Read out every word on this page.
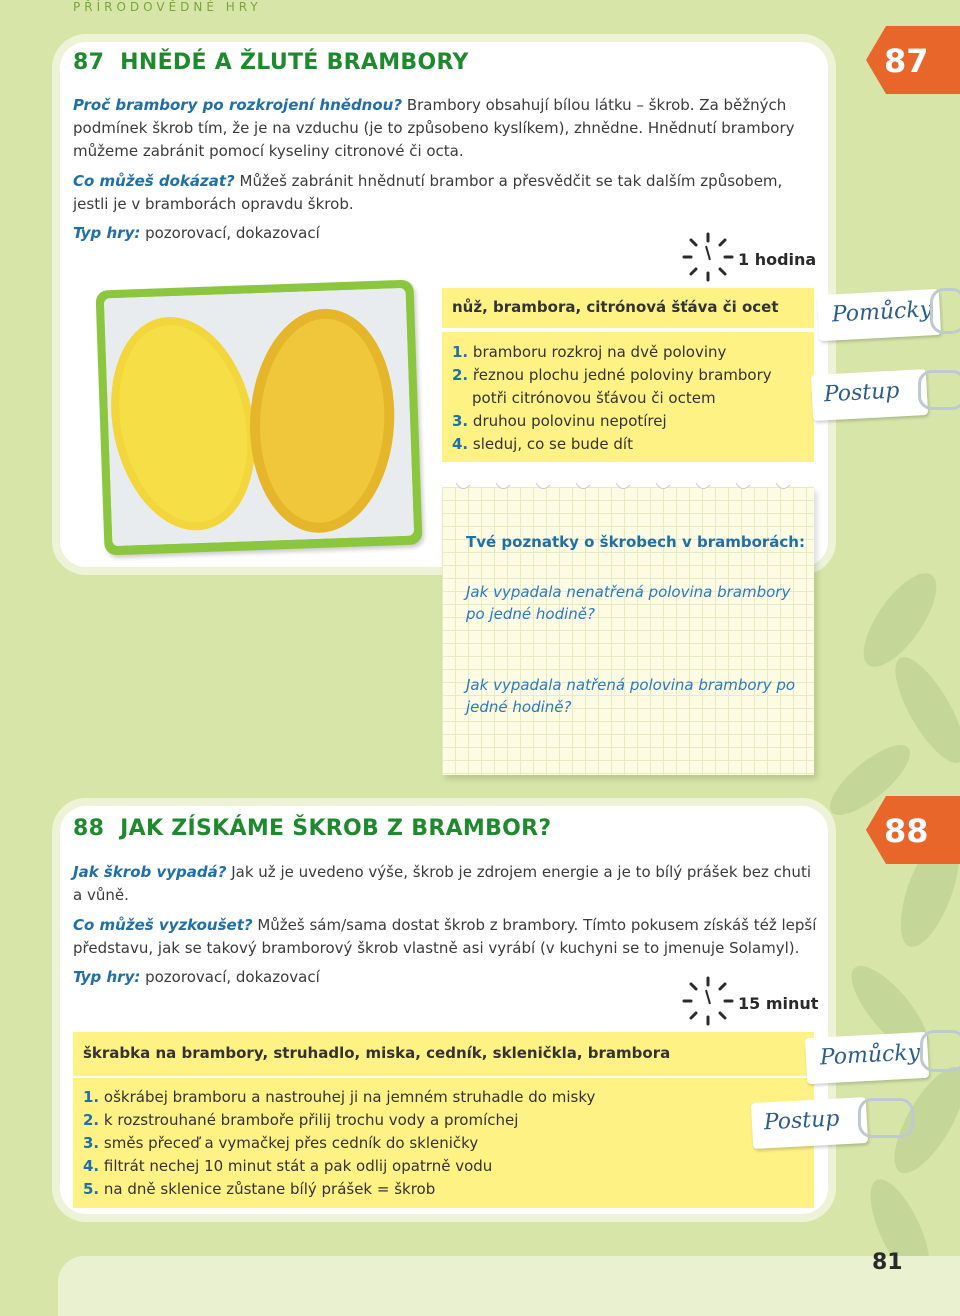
PŘÍRODOVĚDNÉ HRY
87
87 HNĚDÉ A ŽLUTÉ BRAMBORY
Proč brambory po rozkrojení hnědnou? Brambory obsahují bílou látku – škrob. Za běžných podmínek škrob tím, že je na vzduchu (je to způsobeno kyslíkem), zhnědne. Hnědnutí brambory můžeme zabránit pomocí kyseliny citronové či octa.
Co můžeš dokázat? Můžeš zabránit hnědnutí brambor a přesvědčit se tak dalším způsobem, jestli je v bramborách opravdu škrob.
Typ hry: pozorovací, dokazovací
1 hodina
nůž, brambora, citrónová šťáva či ocet
1. bramboru rozkroj na dvě poloviny
2. řeznou plochu jedné poloviny brambory potři citrónovou šťávou či octem
3. druhou polovinu nepotírej
4. sleduj, co se bude dít
Pomůcky
Postup
Tvé poznatky o škrobech v bramborách:
Jak vypadala nenatřená polovina brambory po jedné hodině?
Jak vypadala natřená polovina brambory po jedné hodině?
88
88 JAK ZÍSKÁME ŠKROB Z BRAMBOR?
Jak škrob vypadá? Jak už je uvedeno výše, škrob je zdrojem energie a je to bílý prášek bez chuti a vůně.
Co můžeš vyzkoušet? Můžeš sám/sama dostat škrob z brambory. Tímto pokusem získáš též lepší představu, jak se takový bramborový škrob vlastně asi vyrábí (v kuchyni se to jmenuje Solamyl).
Typ hry: pozorovací, dokazovací
15 minut
škrabka na brambory, struhadlo, miska, cedník, skleničkla, brambora
1. oškrábej bramboru a nastrouhej ji na jemném struhadle do misky
2. k rozstrouhané bramboře přilij trochu vody a promíchej
3. směs přeceď a vymačkej přes cedník do skleničky
4. filtrát nechej 10 minut stát a pak odlij opatrně vodu
5. na dně sklenice zůstane bílý prášek = škrob
Pomůcky
Postup
81
